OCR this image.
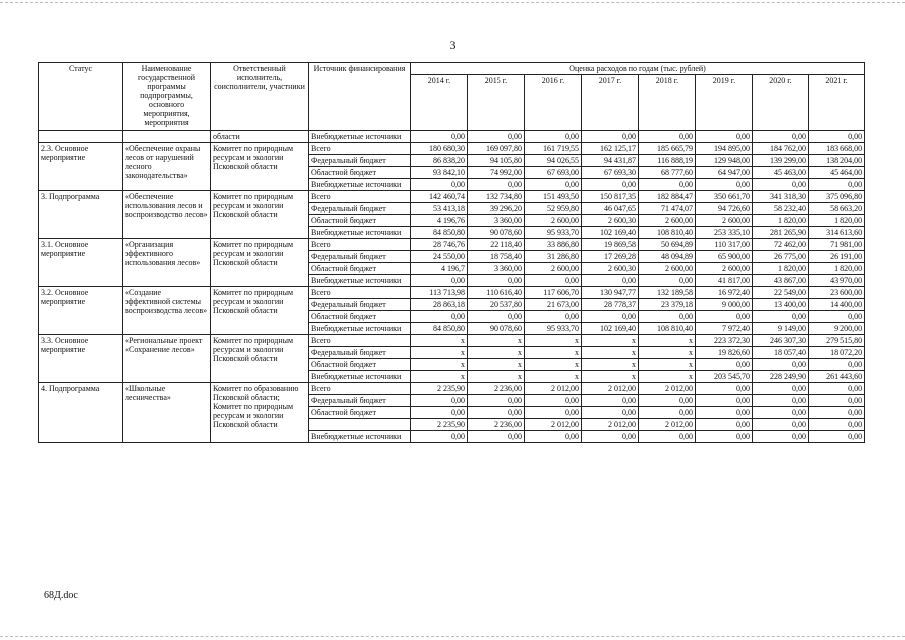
3
Статус	Наименование государственной программы подпрограммы, основного мероприятия, мероприятия	Ответственный исполнитель, соисполнители, участники	Источник финансирования	Оценка расходов по годам (тыс. рублей)							
				2014 г.	2015 г.	2016 г.	2017 г.	2018 г.	2019 г.	2020 г.	2021 г.
		области	Внебюджетные источники	0,00	0,00	0,00	0,00	0,00	0,00	0,00	0,00
2.3. Основное мероприятие	«Обеспечение охраны лесов от нарушений лесного законодательства»	Комитет по природным ресурсам и экологии Псковской области	Всего	180 680,30	169 097,80	161 719,55	162 125,17	185 665,79	194 895,00	184 762,00	183 668,00
			Федеральный бюджет	86 838,20	94 105,80	94 026,55	94 431,87	116 888,19	129 948,00	139 299,00	138 204,00
			Областной бюджет	93 842,10	74 992,00	67 693,00	67 693,30	68 777,60	64 947,00	45 463,00	45 464,00
			Внебюджетные источники	0,00	0,00	0,00	0,00	0,00	0,00	0,00	0,00
3. Подпрограмма	«Обеспечение использования лесов и воспроизводство лесов»	Комитет по природным ресурсам и экологии Псковской области	Всего	142 460,74	132 734,80	151 493,50	150 817,35	182 884,47	350 661,70	341 318,30	375 096,80
			Федеральный бюджет	53 413,18	39 296,20	52 959,80	46 047,65	71 474,07	94 726,60	58 232,40	58 663,20
			Областной бюджет	4 196,76	3 360,00	2 600,00	2 600,30	2 600,00	2 600,00	1 820,00	1 820,00
			Внебюджетные источники	84 850,80	90 078,60	95 933,70	102 169,40	108 810,40	253 335,10	281 265,90	314 613,60
3.1. Основное мероприятие	«Организация эффективного использования лесов»	Комитет по природным ресурсам и экологии Псковской области	Всего	28 746,76	22 118,40	33 886,80	19 869,58	50 694,89	110 317,00	72 462,00	71 981,00
			Федеральный бюджет	24 550,00	18 758,40	31 286,80	17 269,28	48 094,89	65 900,00	26 775,00	26 191,00
			Областной бюджет	4 196,7	3 360,00	2 600,00	2 600,30	2 600,00	2 600,00	1 820,00	1 820,00
			Внебюджетные источники	0,00	0,00	0,00	0,00	0,00	41 817,00	43 867,00	43 970,00
3.2. Основное мероприятие	«Создание эффективной системы воспроизводства лесов»	Комитет по природным ресурсам и экологии Псковской области	Всего	113 713,98	110 616,40	117 606,70	130 947,77	132 189,58	16 972,40	22 549,00	23 600,00
			Федеральный бюджет	28 863,18	20 537,80	21 673,00	28 778,37	23 379,18	9 000,00	13 400,00	14 400,00
			Областной бюджет	0,00	0,00	0,00	0,00	0,00	0,00	0,00	0,00
			Внебюджетные источники	84 850,80	90 078,60	95 933,70	102 169,40	108 810,40	7 972,40	9 149,00	9 200,00
3.3. Основное мероприятие	«Региональные проект «Сохранение лесов»	Комитет по природным ресурсам и экологии Псковской области	Всего	x	x	x	x	x	223 372,30	246 307,30	279 515,80
			Федеральный бюджет	x	x	x	x	x	19 826,60	18 057,40	18 072,20
			Областной бюджет	x	x	x	x	x	0,00	0,00	0,00
			Внебюджетные источники	x	x	x	x	x	203 545,70	228 249,90	261 443,60
4. Подпрограмма	«Школьные лесничества»	Комитет по образованию Псковской области; Комитет по природным ресурсам и экологии Псковской области	Всего	2 235,90	2 236,00	2 012,00	2 012,00	2 012,00	0,00	0,00	0,00
			Федеральный бюджет	0,00	0,00	0,00	0,00	0,00	0,00	0,00	0,00
			Областной бюджет	0,00	0,00	0,00	0,00	0,00	0,00	0,00	0,00
				2 235,90	2 236,00	2 012,00	2 012,00	2 012,00	0,00	0,00	0,00
			Внебюджетные источники	0,00	0,00	0,00	0,00	0,00	0,00	0,00	0,00
68Д.doc
